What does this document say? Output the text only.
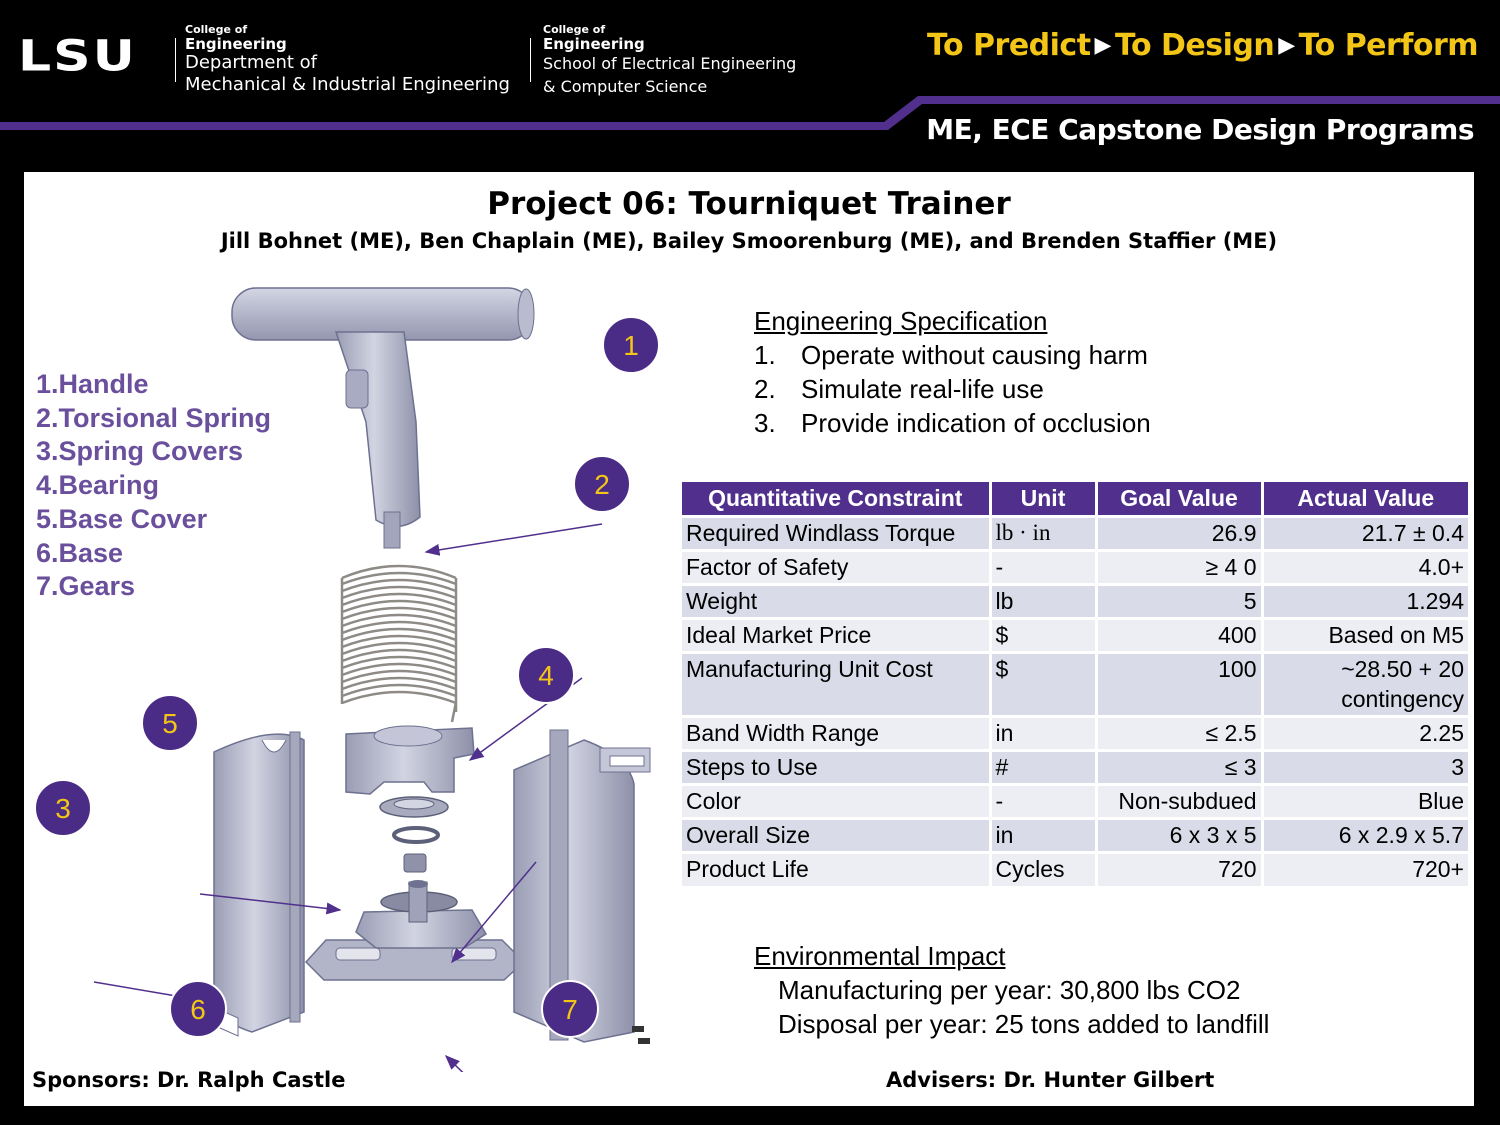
LSU
College of
Engineering
Department of
Mechanical & Industrial Engineering
College of
Engineering
School of Electrical Engineering
& Computer Science
To Predict ▶ To Design ▶ To Perform
ME, ECE Capstone Design Programs
Project 06: Tourniquet Trainer
Jill Bohnet (ME), Ben Chaplain (ME), Bailey Smoorenburg (ME), and Brenden Staffier (ME)
1
2
3
4
5
6	7
1.Handle
2.Torsional Spring
3.Spring Covers
4.Bearing
5.Base Cover
6.Base
7.Gears
Engineering Specification
1. Operate without causing harm
2. Simulate real-life use
3. Provide indication of occlusion
Quantitative Constraint	Unit	Goal Value	Actual Value
Required Windlass Torque	lb · in	26.9	21.7 ± 0.4
Factor of Safety	-	≥ 4 0	4.0+
Weight	lb	5	1.294
Ideal Market Price	$	400	Based on M5
Manufacturing Unit Cost	$	100	~28.50 + 20 contingency
Band Width Range	in	≤ 2.5	2.25
Steps to Use	#	≤ 3	3
Color	-	Non-subdued	Blue
Overall Size	in	6 x 3 x 5	6 x 2.9 x 5.7
Product Life	Cycles	720	720+
Environmental Impact
Manufacturing per year: 30,800 lbs CO2
Disposal per year: 25 tons added to landfill
Sponsors: Dr. Ralph Castle	Advisers: Dr. Hunter Gilbert
